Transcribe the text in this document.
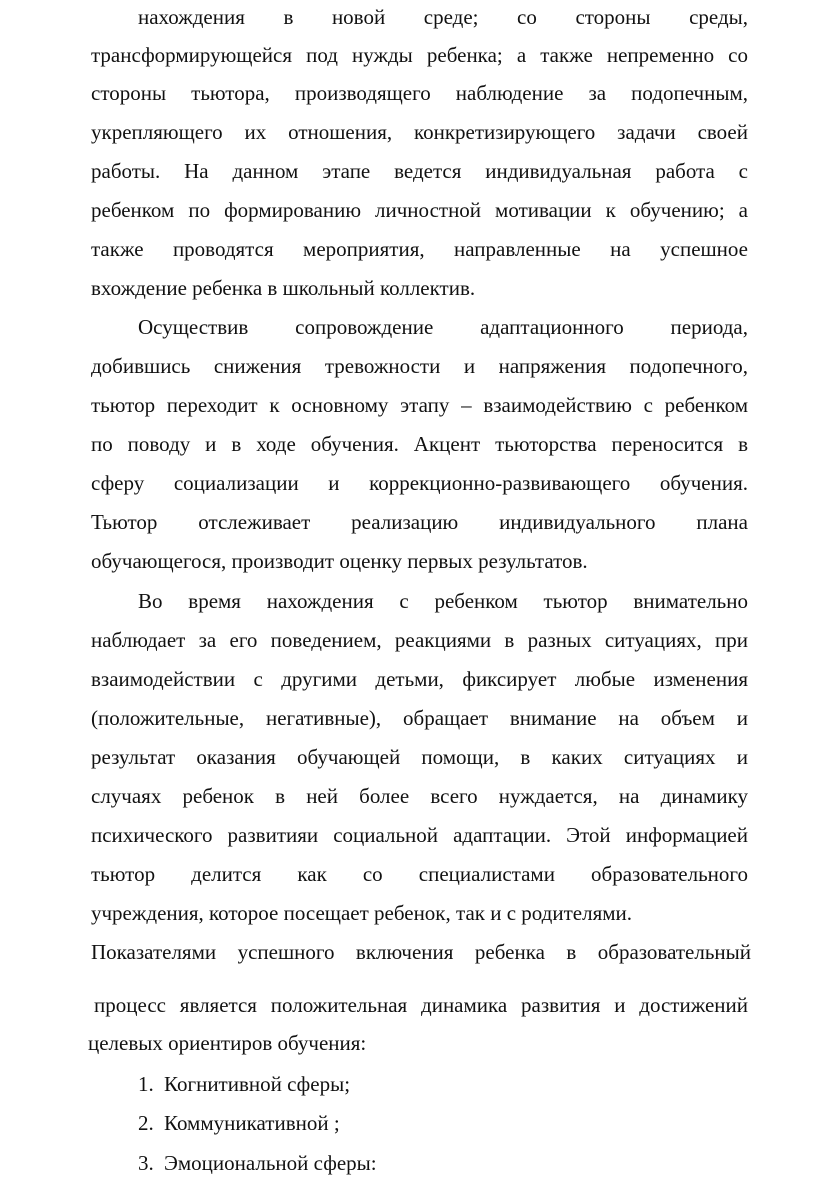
нахождения в новой среде; со стороны среды,
трансформирующейся под нужды ребенка; а также непременно со
стороны тьютора, производящего наблюдение за подопечным,
укрепляющего их отношения, конкретизирующего задачи своей
работы. На данном этапе ведется индивидуальная работа с
ребенком по формированию личностной мотивации к обучению; а
также проводятся мероприятия, направленные на успешное
вхождение ребенка в школьный коллектив.
Осуществив сопровождение адаптационного периода,
добившись снижения тревожности и напряжения подопечного,
тьютор переходит к основному этапу – взаимодействию с ребенком
по поводу и в ходе обучения. Акцент тьюторства переносится в
сферу социализации и коррекционно-развивающего обучения.
Тьютор отслеживает реализацию индивидуального плана
обучающегося, производит оценку первых результатов.
Во время нахождения с ребенком тьютор внимательно
наблюдает за его поведением, реакциями в разных ситуациях, при
взаимодействии с другими детьми, фиксирует любые изменения
(положительные, негативные), обращает внимание на объем и
результат оказания обучающей помощи, в каких ситуациях и
случаях ребенок в ней более всего нуждается, на динамику
психического развитияи социальной адаптации. Этой информацией
тьютор делится как со специалистами образовательного
учреждения, которое посещает ребенок, так и с родителями.
Показателями успешного включения ребенка в образовательный
процесс является положительная динамика развития и достижений
целевых ориентиров обучения:
1. Когнитивной сферы;
2. Коммуникативной ;
3. Эмоциональной сферы:
